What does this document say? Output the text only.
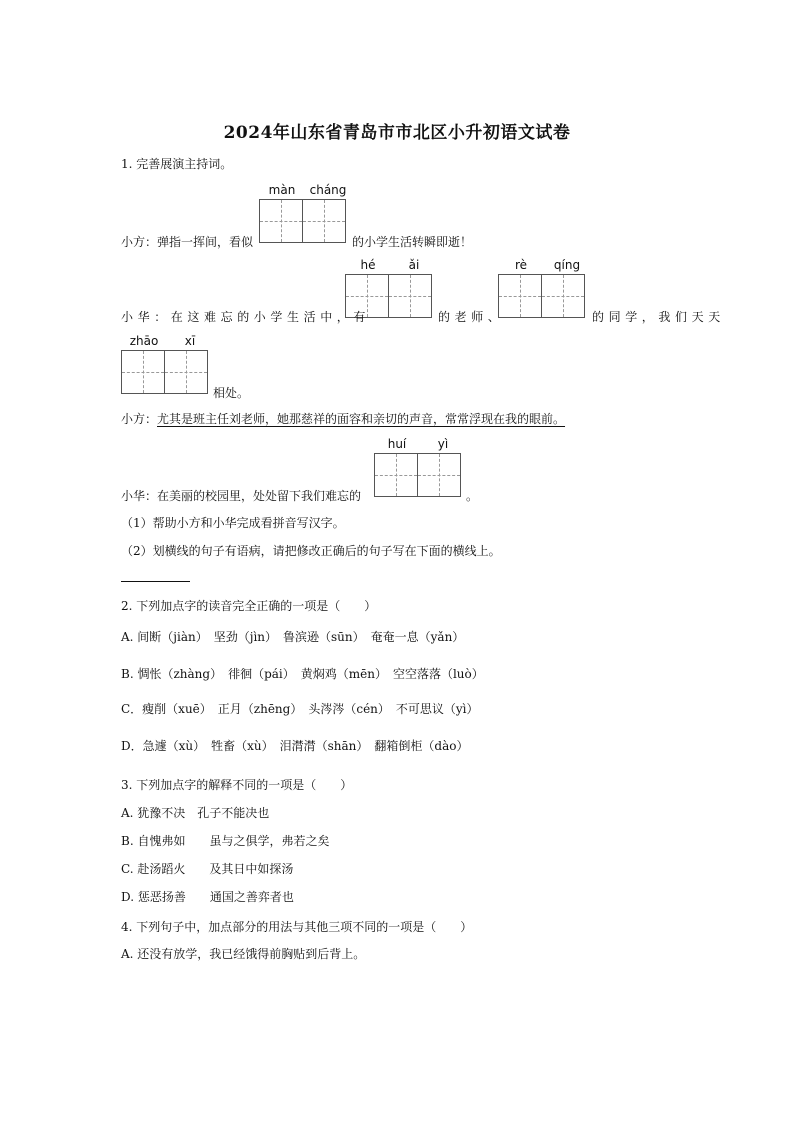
2024年山东省青岛市市北区小升初语文试卷
1. 完善展演主持词。
màn	cháng
小方：弹指一挥间，看似	的小学生活转瞬即逝！
hé	ǎi	rè	qíng
小华：在这难忘的小学生活中，有	的老师、	的同学，我们天天
zhāo	xī
相处。
小方：尤其是班主任刘老师，她那慈祥的面容和亲切的声音，常常浮现在我的眼前。
huí	yì
小华：在美丽的校园里，处处留下我们难忘的	。
（1）帮助小方和小华完成看拼音写汉字。
（2）划横线的句子有语病，请把修改正确后的句子写在下面的横线上。
2. 下列加点字的读音完全正确的一项是（　　）
A. 间断（jiàn）　坚劲（jìn）　鲁滨逊（sūn）　奄奄一息（yǎn）
B. 惆怅（zhàng）　徘徊（pái）　黄焖鸡（mēn）　空空落落（luò）
C．瘦削（xuē）　正月（zhēng）　头涔涔（cén）　不可思议（yì）
D．急遽（xù）　牲畜（xù）　泪潸潸（shān）　翻箱倒柜（dào）
3. 下列加点字的解释不同的一项是（　　）
A. 犹豫不决　孔子不能决也
B. 自愧弗如　　虽与之俱学，弗若之矣
C. 赴汤蹈火　　及其日中如探汤
D. 惩恶扬善　　通国之善弈者也
4. 下列句子中，加点部分的用法与其他三项不同的一项是（　　）
A. 还没有放学，我已经饿得前胸贴到后背上。
